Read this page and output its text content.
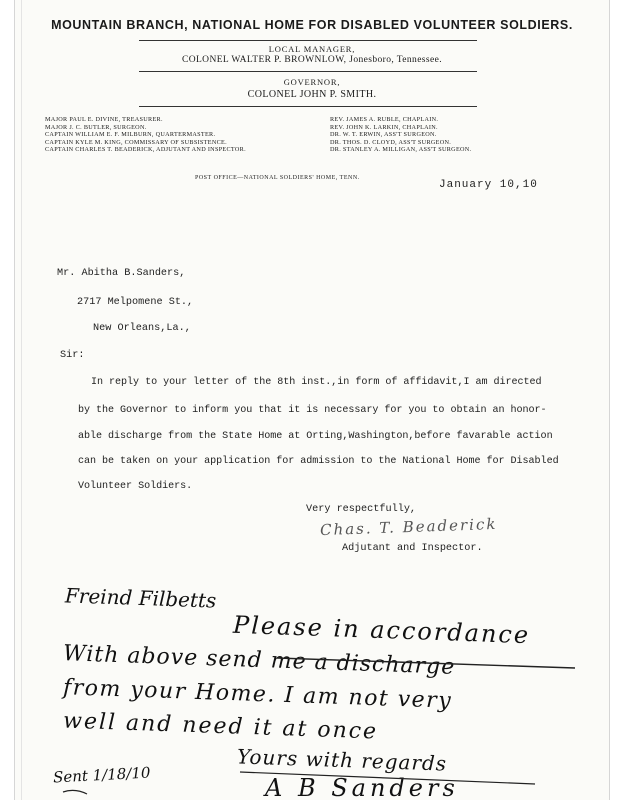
MOUNTAIN BRANCH, NATIONAL HOME FOR DISABLED VOLUNTEER SOLDIERS.
LOCAL MANAGER,
COLONEL WALTER P. BROWNLOW, Jonesboro, Tennessee.
GOVERNOR,
COLONEL JOHN P. SMITH.
MAJOR PAUL E. DIVINE, TREASURER.
MAJOR J. C. BUTLER, SURGEON.
CAPTAIN WILLIAM E. F. MILBURN, QUARTERMASTER.
CAPTAIN KYLE M. KING, COMMISSARY OF SUBSISTENCE.
CAPTAIN CHARLES T. BEADERICK, ADJUTANT AND INSPECTOR.
REV. JAMES A. RUBLE, CHAPLAIN.
REV. JOHN K. LARKIN, CHAPLAIN.
DR. W. T. ERWIN, ASS'T SURGEON.
DR. THOS. D. CLOYD, ASS'T SURGEON.
DR. STANLEY A. MILLIGAN, ASS'T SURGEON.
POST OFFICE—NATIONAL SOLDIERS' HOME, TENN.
January 10,10
Mr. Abitha B.Sanders,
2717 Melpomene St.,
New Orleans,La.,
Sir:
In reply to your letter of the 8th inst.,in form of affidavit,I am directed
by the Governor to inform you that it is necessary for you to obtain an honor-
able discharge from the State Home at Orting,Washington,before favarable action
can be taken on your application for admission to the National Home for Disabled
Volunteer Soldiers.
Very respectfully,
Chas. T. Beaderick
Adjutant and Inspector.
Freind Filbetts
Please in accordance
With above send me a discharge
from your Home. I am not very
well and need it at once
Yours with regards
Sent 1/18/10	A B Sanders
